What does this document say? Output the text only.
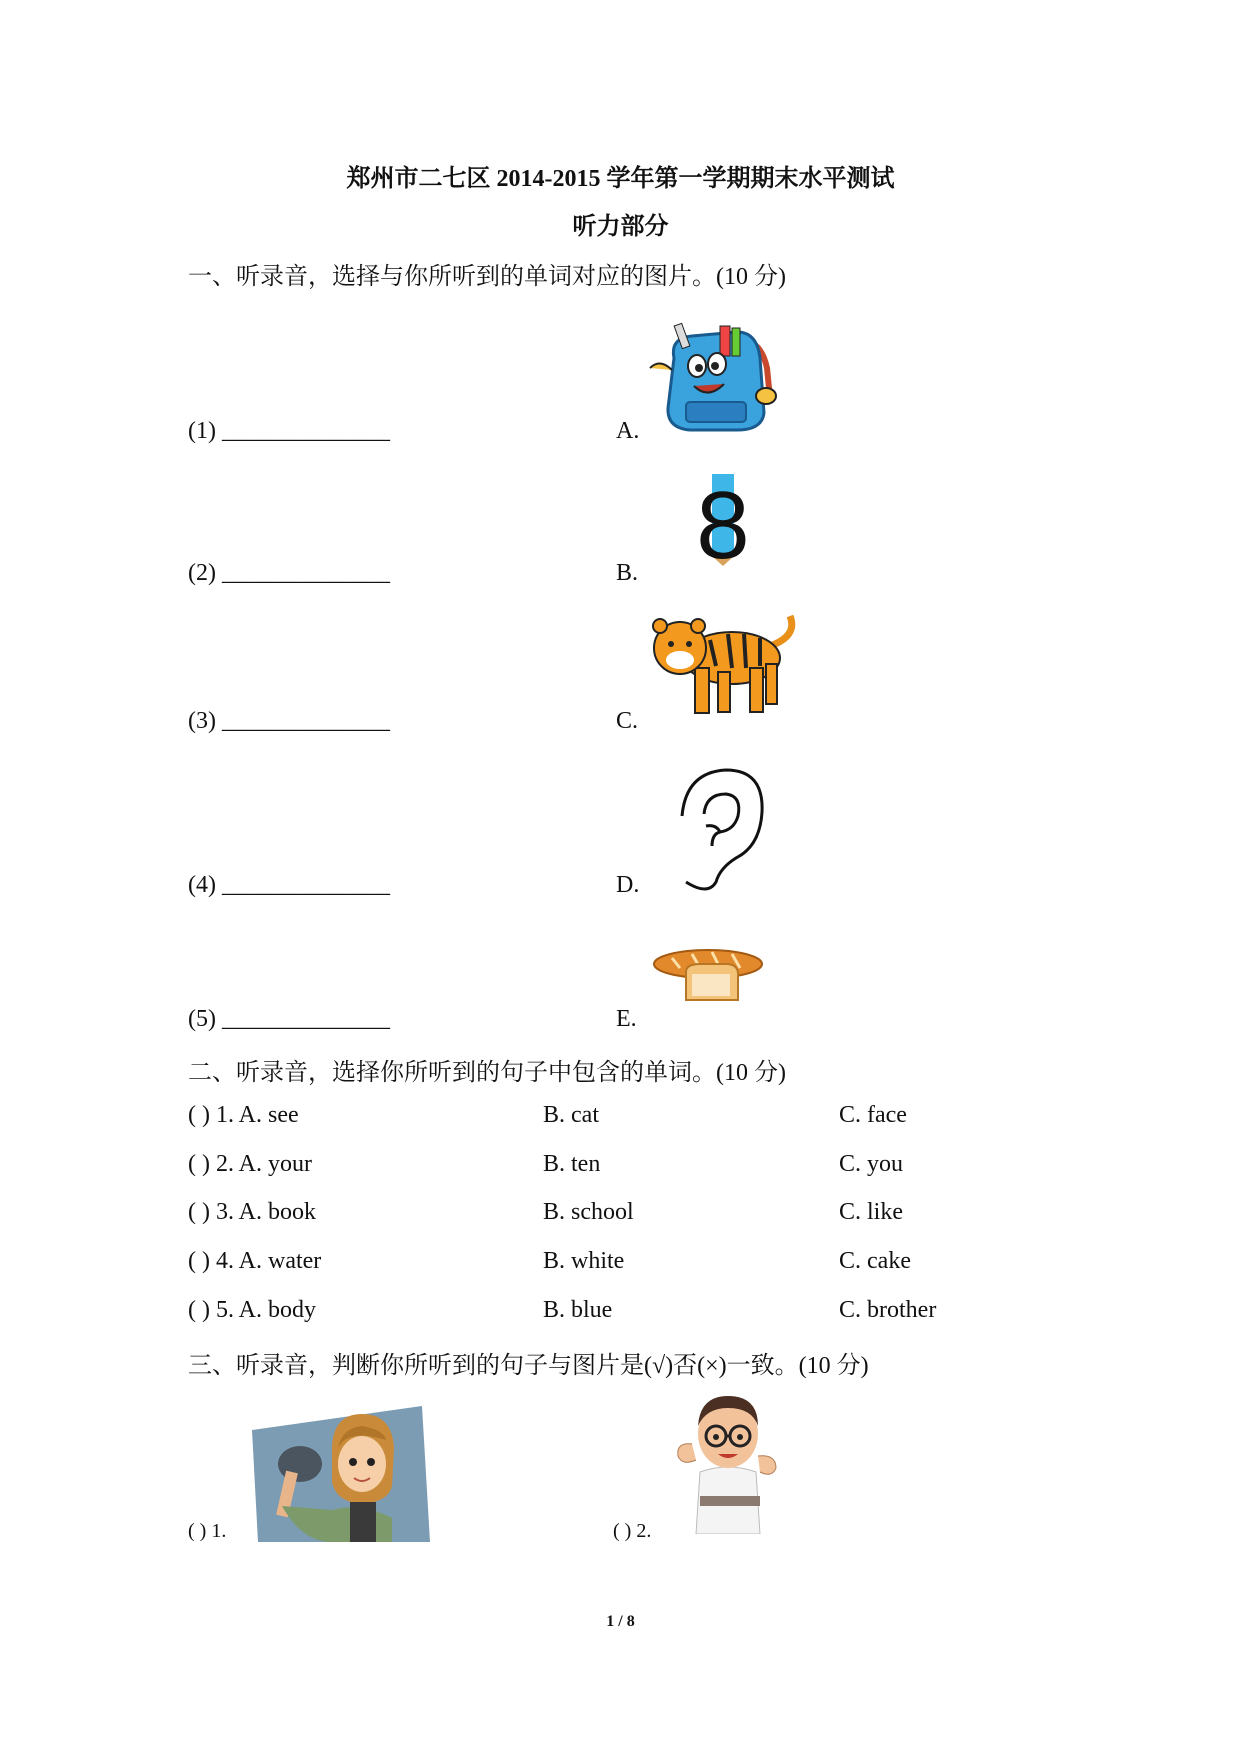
郑州市二七区 2014-2015 学年第一学期期末水平测试
听力部分
一、听录音，选择与你所听到的单词对应的图片。(10 分)
(1) ______________	A.
(2) ______________	B. 8
(3) ______________	C.
(4) ______________	D.
(5) ______________	E.
二、听录音，选择你所听到的句子中包含的单词。(10 分)
( ) 1. A. see	B. cat	C. face
( ) 2. A. your	B. ten	C. you
( ) 3. A. book	B. school	C. like
( ) 4. A. water	B. white	C. cake
( ) 5. A. body	B. blue	C. brother
三、听录音，判断你所听到的句子与图片是(√)否(×)一致。(10 分)
( ) 1.	( ) 2.
1 / 8
